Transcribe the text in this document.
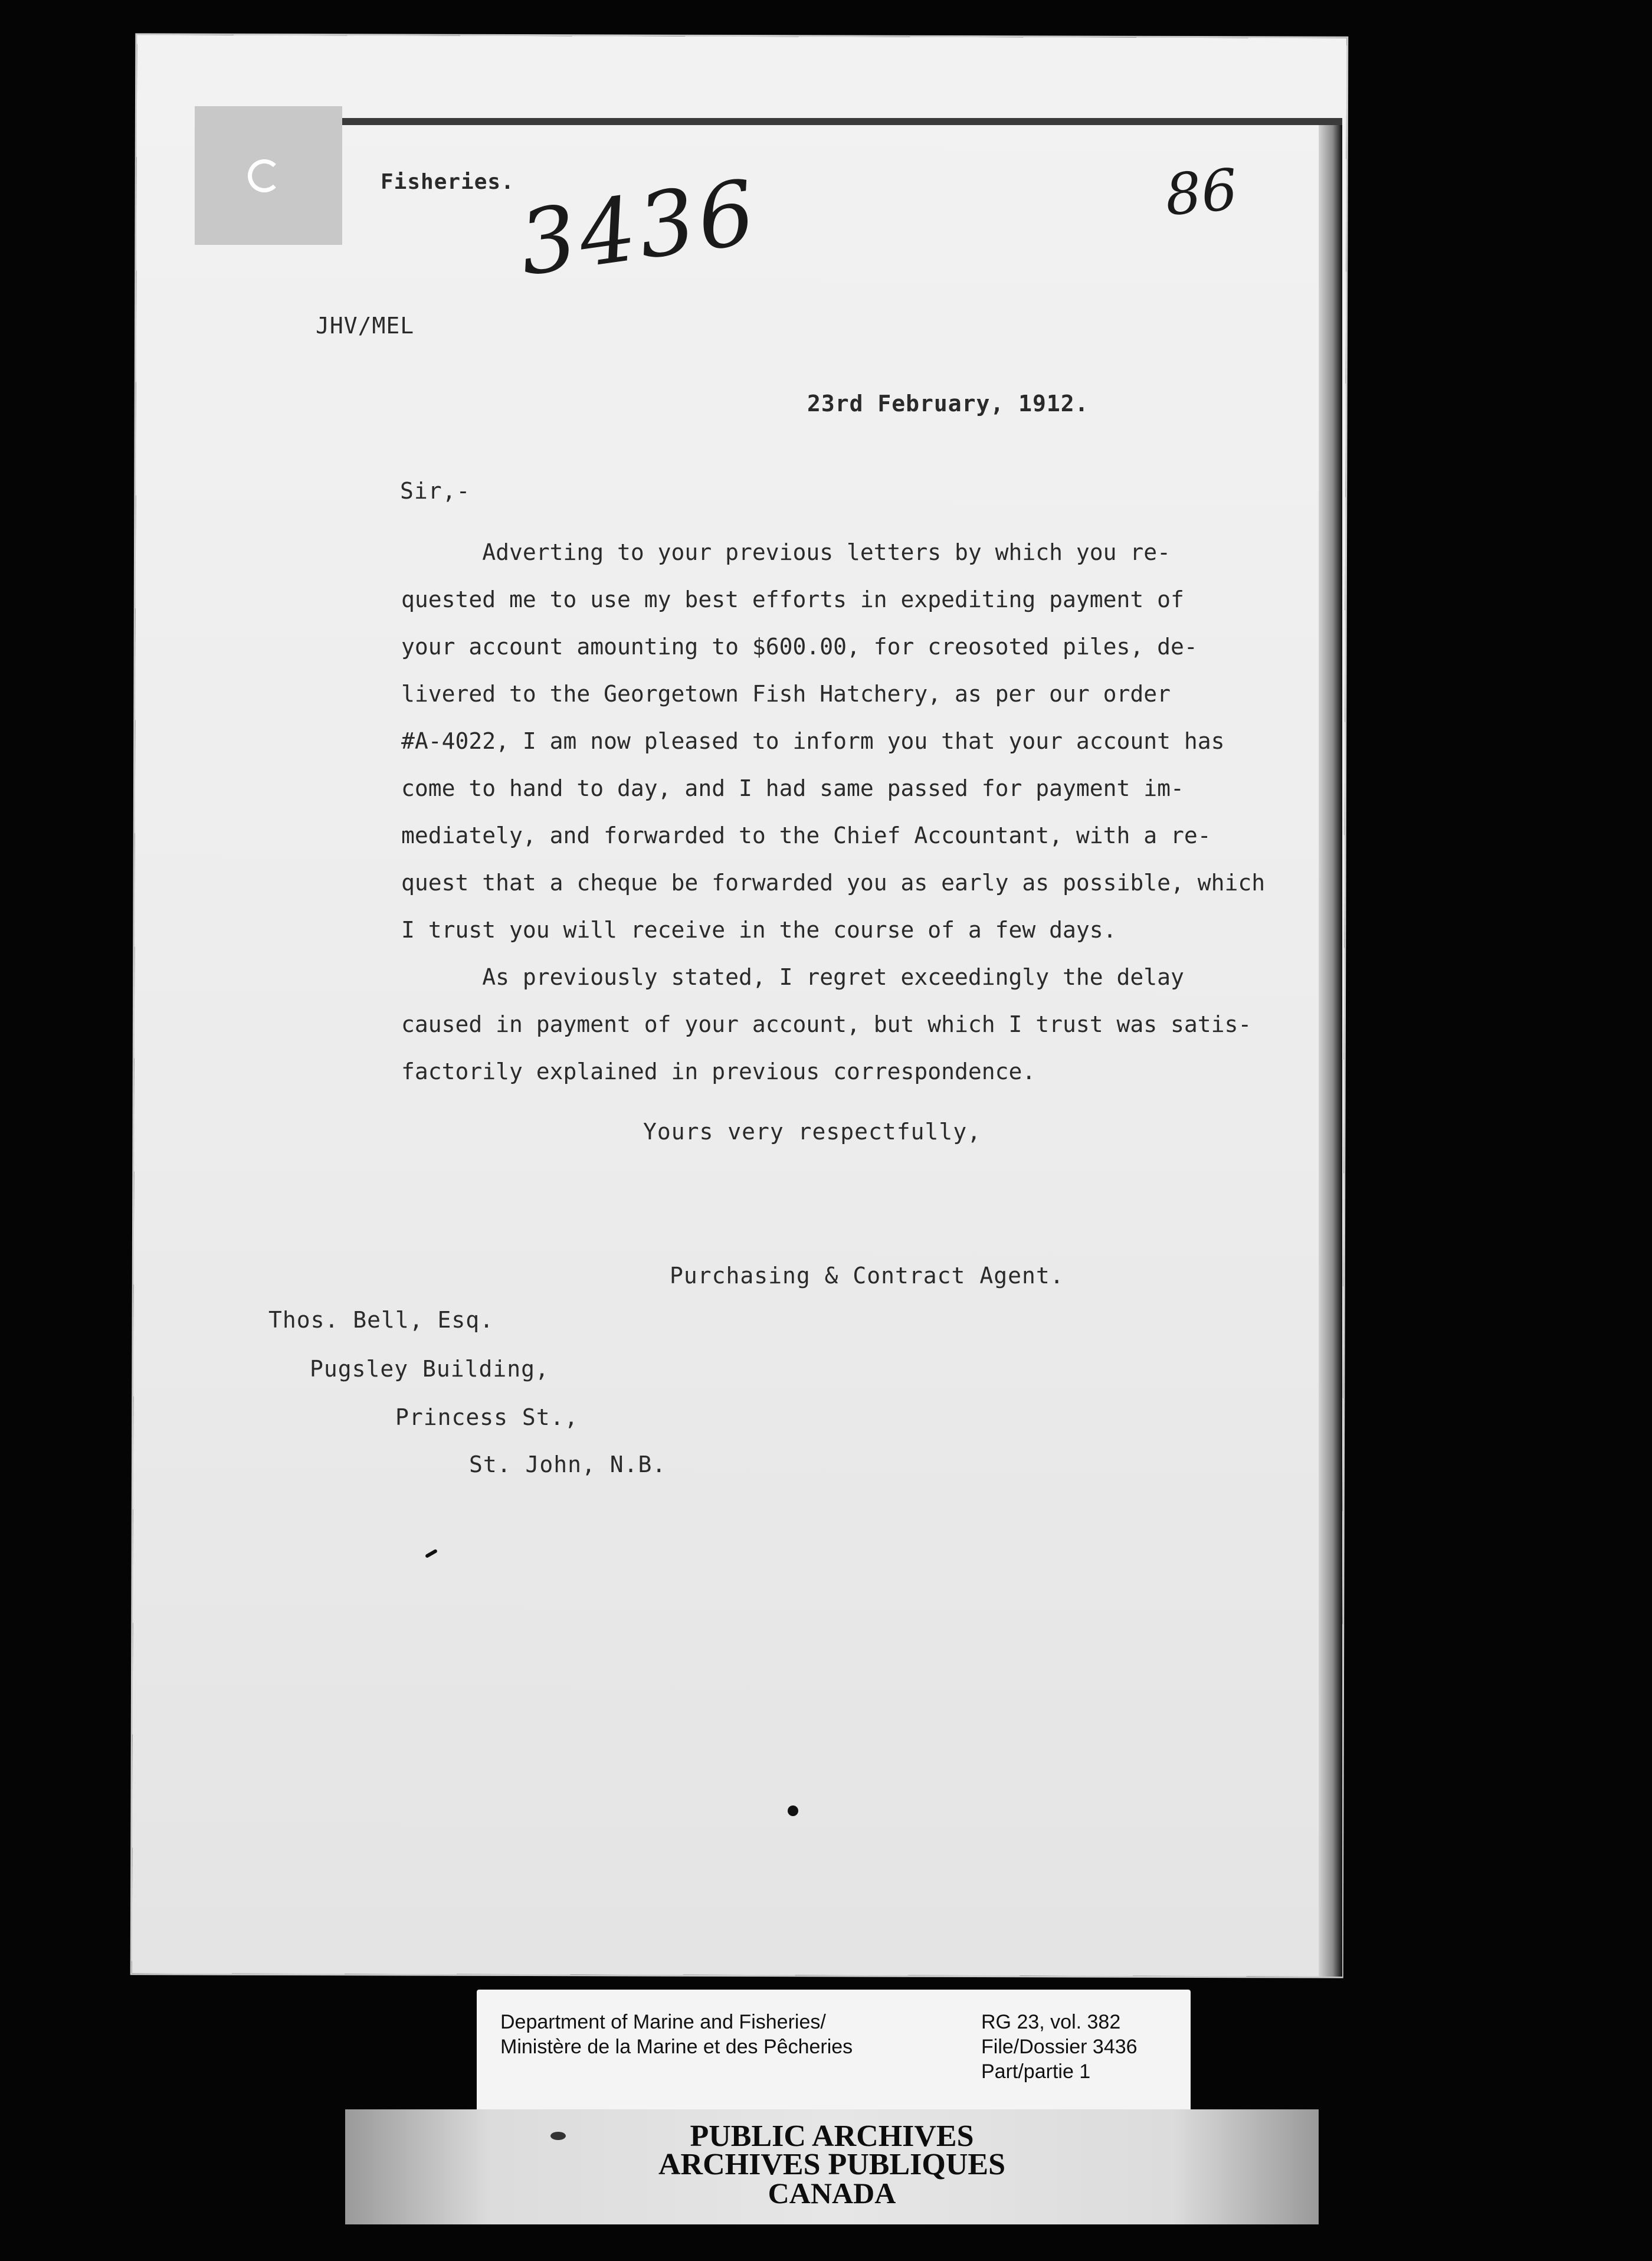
Fisheries.
3436	86
JHV/MEL
23rd February, 1912.
Sir,-
Adverting to your previous letters by which you re-
quested me to use my best efforts in expediting payment of
your account amounting to $600.00, for creosoted piles, de-
livered to the Georgetown Fish Hatchery, as per our order
#A-4022, I am now pleased to inform you that your account has
come to hand to day, and I had same passed for payment im-
mediately, and forwarded to the Chief Accountant, with a re-
quest that a cheque be forwarded you as early as possible, which
I trust you will receive in the course of a few days.
As previously stated, I regret exceedingly the delay
caused in payment of your account, but which I trust was satis-
factorily explained in previous correspondence.
Yours very respectfully,
Purchasing & Contract Agent.
Thos. Bell, Esq.
Pugsley Building,
Princess St.,
St. John, N.B.
Department of Marine and Fisheries/
Ministère de la Marine et des Pêcheries
RG 23, vol. 382
File/Dossier 3436
Part/partie 1
PUBLIC ARCHIVES
ARCHIVES PUBLIQUES
CANADA
